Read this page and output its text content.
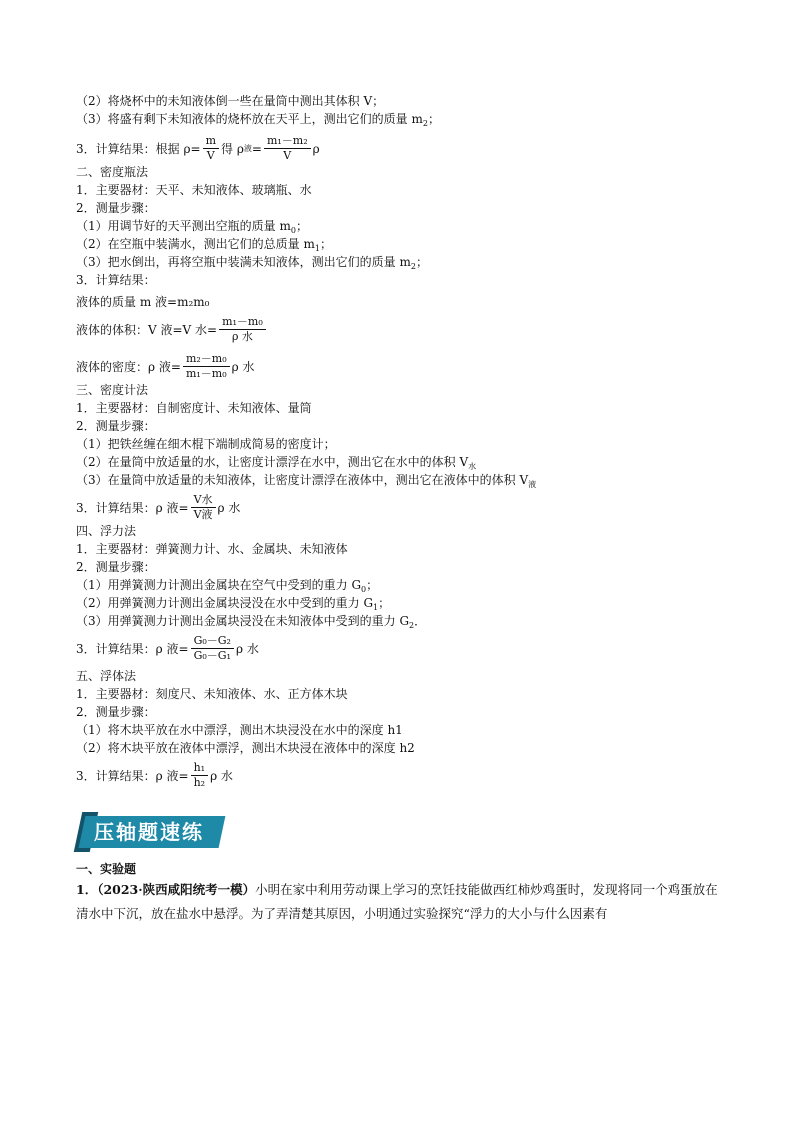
（2）将烧杯中的未知液体倒一些在量筒中测出其体积 V；
（3）将盛有剩下未知液体的烧杯放在天平上，测出它们的质量 $m_2$；
3．计算结果：根据 $\rho= \frac{m}{V}$ 得 ρ 液 = $\frac{\text{m₁－m₂}}{V}$ ρ
二、密度瓶法
1．主要器材：天平、未知液体、玻璃瓶、水
2．测量步骤：
（1）用调节好的天平测出空瓶的质量 $m_0$；
（2）在空瓶中装满水，测出它们的总质量 $m_1$；
（3）把水倒出，再将空瓶中装满未知液体，测出它们的质量 $m_2$；
3．计算结果：
液体的质量 m 液=m₂m₀
液体的体积：V 液=V 水= $\frac{\text{m₁－m₀}}{\text{ρ 水}}$
液体的密度：ρ 液= $\frac{\text{m₂－m₀}}{\text{m₁－m₀}}$ ρ 水
三、密度计法
1．主要器材：自制密度计、未知液体、量筒
2．测量步骤：
（1）把铁丝缠在细木棍下端制成简易的密度计；
（2）在量筒中放适量的水，让密度计漂浮在水中，测出它在水中的体积 $V_水$
（3）在量筒中放适量的未知液体，让密度计漂浮在液体中，测出它在液体中的体积 $V_液$
3．计算结果：ρ 液= $\frac{\text{V水}}{\text{V液}}$ ρ 水
四、浮力法
1．主要器材：弹簧测力计、水、金属块、未知液体
2．测量步骤：
（1）用弹簧测力计测出金属块在空气中受到的重力 $G_0$；
（2）用弹簧测力计测出金属块浸没在水中受到的重力 $G_1$；
（3）用弹簧测力计测出金属块浸没在未知液体中受到的重力 $G_2$．
3．计算结果：ρ 液= $\frac{\text{G₀－G₂}}{\text{G₀－G₁}}$ ρ 水
五、浮体法
1．主要器材：刻度尺、未知液体、水、正方体木块
2．测量步骤：
（1）将木块平放在水中漂浮，测出木块浸没在水中的深度 h1
（2）将木块平放在液体中漂浮，测出木块浸在液体中的深度 h2
3．计算结果：ρ 液= $\frac{\text{h₁}}{\text{h₂}}$ ρ 水
压轴题速练
一、实验题
1．（2023·陕西咸阳统考一模）小明在家中利用劳动课上学习的烹饪技能做西红柿炒鸡蛋时，发现将同一个鸡蛋放在清水中下沉，放在盐水中悬浮。为了弄清楚其原因，小明通过实验探究“浮力的大小与什么因素有
